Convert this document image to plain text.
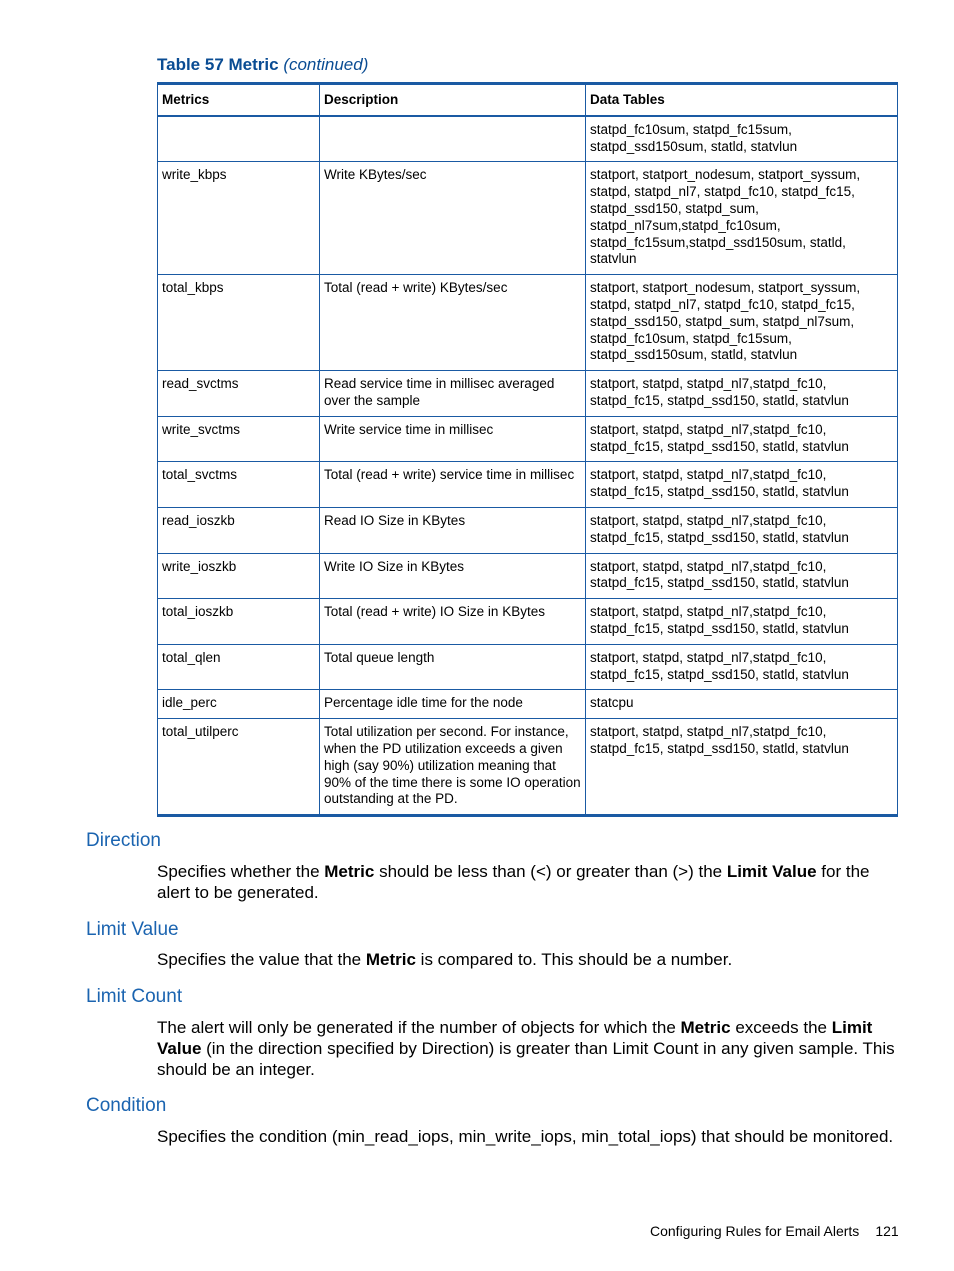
Table 57 Metric (continued)
Metrics	Description	Data Tables
		statpd_fc10sum, statpd_fc15sum, statpd_ssd150sum, statld, statvlun
write_kbps	Write KBytes/sec	statport, statport_nodesum, statport_syssum, statpd, statpd_nl7, statpd_fc10, statpd_fc15, statpd_ssd150, statpd_sum, statpd_nl7sum,statpd_fc10sum, statpd_fc15sum,statpd_ssd150sum, statld, statvlun
total_kbps	Total (read + write) KBytes/sec	statport, statport_nodesum, statport_syssum, statpd, statpd_nl7, statpd_fc10, statpd_fc15, statpd_ssd150, statpd_sum, statpd_nl7sum, statpd_fc10sum, statpd_fc15sum, statpd_ssd150sum, statld, statvlun
read_svctms	Read service time in millisec averaged over the sample	statport, statpd, statpd_nl7,statpd_fc10, statpd_fc15, statpd_ssd150, statld, statvlun
write_svctms	Write service time in millisec	statport, statpd, statpd_nl7,statpd_fc10, statpd_fc15, statpd_ssd150, statld, statvlun
total_svctms	Total (read + write) service time in millisec	statport, statpd, statpd_nl7,statpd_fc10, statpd_fc15, statpd_ssd150, statld, statvlun
read_ioszkb	Read IO Size in KBytes	statport, statpd, statpd_nl7,statpd_fc10, statpd_fc15, statpd_ssd150, statld, statvlun
write_ioszkb	Write IO Size in KBytes	statport, statpd, statpd_nl7,statpd_fc10, statpd_fc15, statpd_ssd150, statld, statvlun
total_ioszkb	Total (read + write) IO Size in KBytes	statport, statpd, statpd_nl7,statpd_fc10, statpd_fc15, statpd_ssd150, statld, statvlun
total_qlen	Total queue length	statport, statpd, statpd_nl7,statpd_fc10, statpd_fc15, statpd_ssd150, statld, statvlun
idle_perc	Percentage idle time for the node	statcpu
total_utilperc	Total utilization per second. For instance, when the PD utilization exceeds a given high (say 90%) utilization meaning that 90% of the time there is some IO operation outstanding at the PD.	statport, statpd, statpd_nl7,statpd_fc10, statpd_fc15, statpd_ssd150, statld, statvlun
Direction
Specifies whether the Metric should be less than (<) or greater than (>) the Limit Value for the alert to be generated.
Limit Value
Specifies the value that the Metric is compared to. This should be a number.
Limit Count
The alert will only be generated if the number of objects for which the Metric exceeds the Limit Value (in the direction specified by Direction) is greater than Limit Count in any given sample. This should be an integer.
Condition
Specifies the condition (min_read_iops, min_write_iops, min_total_iops) that should be monitored.
Configuring Rules for Email Alerts 121
